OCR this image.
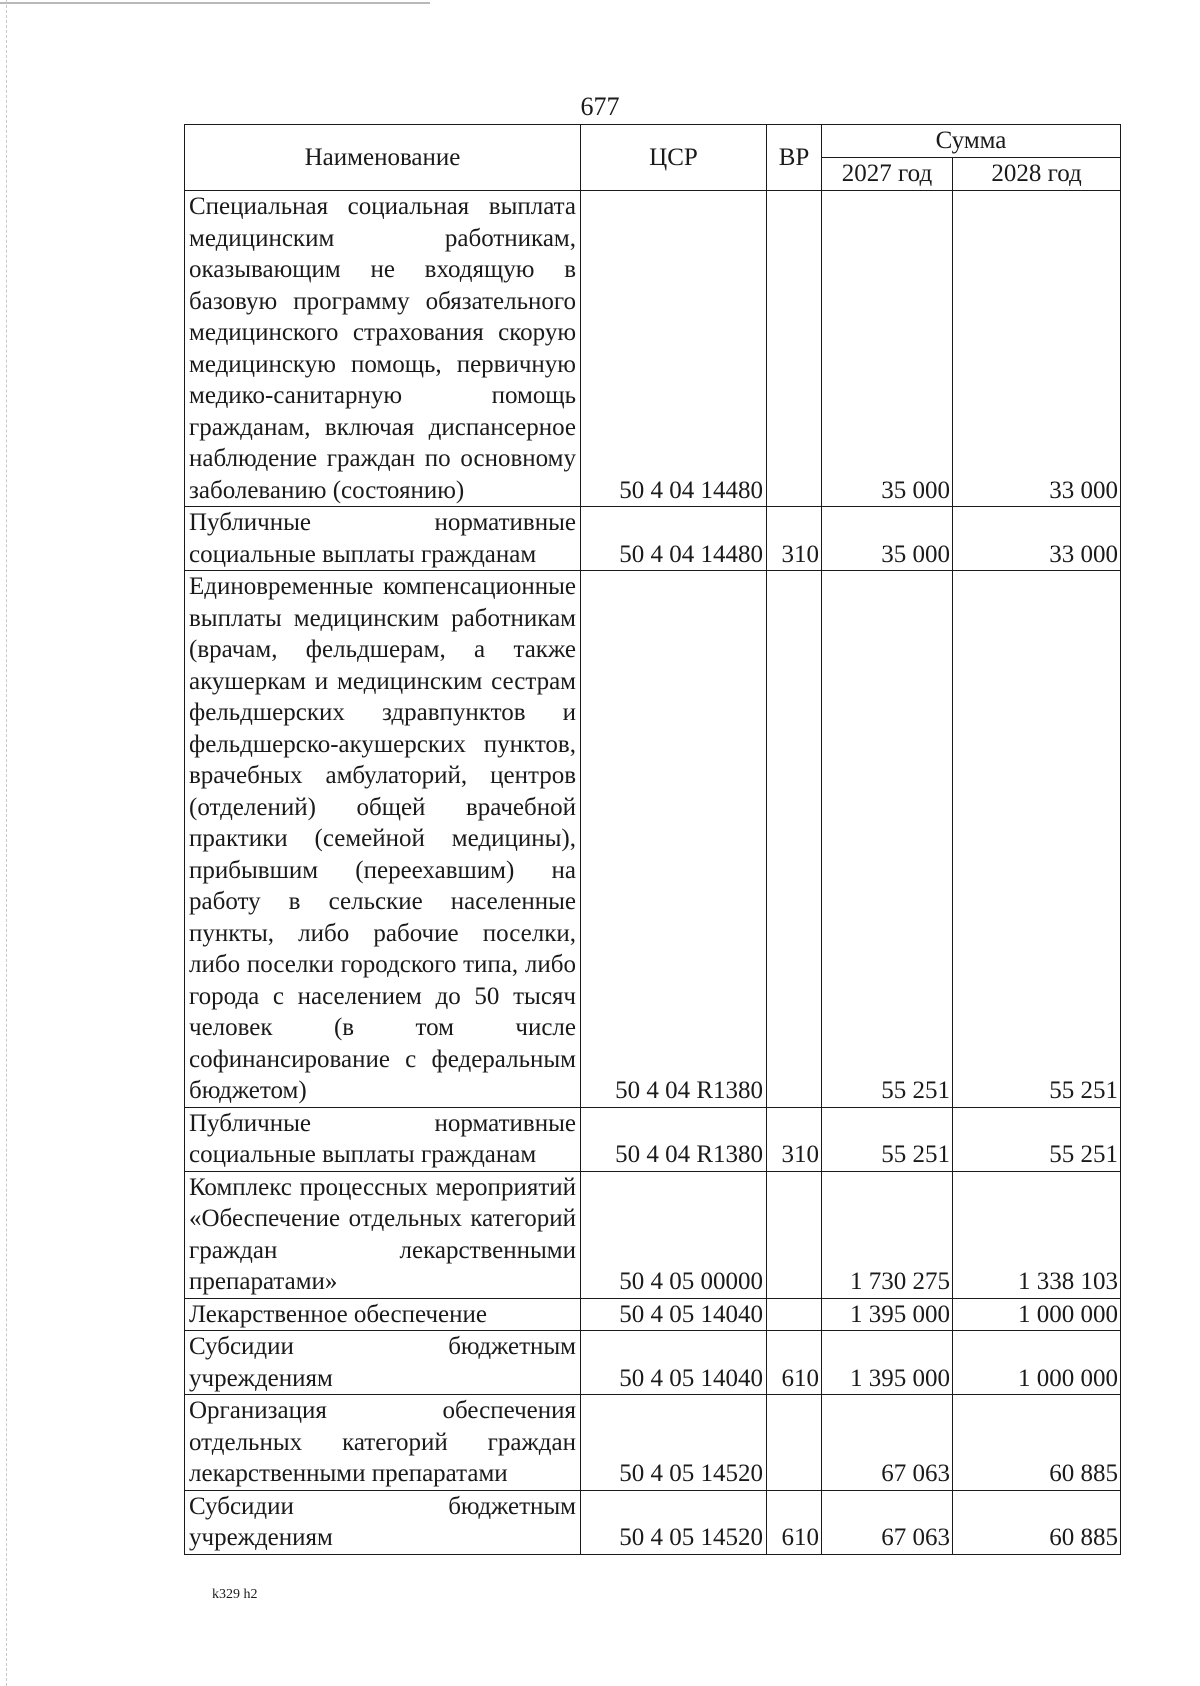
677
Наименование	ЦСР	ВР	Сумма	
			2027 год	2028 год
Специальная социальная выплата медицинским работникам, оказывающим не входящую в базовую программу обязательного медицинского страхования скорую медицинскую помощь, первичную медико-санитарную помощь гражданам, включая диспансерное наблюдение граждан по основному заболеванию (состоянию)	50 4 04 14480		35 000	33 000
Публичные нормативные социальные выплаты гражданам	50 4 04 14480	310	35 000	33 000
Единовременные компенсационные выплаты медицинским работникам (врачам, фельдшерам, а также акушеркам и медицинским сестрам фельдшерских здравпунктов и фельдшерско-акушерских пунктов, врачебных амбулаторий, центров (отделений) общей врачебной практики (семейной медицины), прибывшим (переехавшим) на работу в сельские населенные пункты, либо рабочие поселки, либо поселки городского типа, либо города с населением до 50 тысяч человек (в том числе софинансирование с федеральным бюджетом)	50 4 04 R1380		55 251	55 251
Публичные нормативные социальные выплаты гражданам	50 4 04 R1380	310	55 251	55 251
Комплекс процессных мероприятий «Обеспечение отдельных категорий граждан лекарственными препаратами»	50 4 05 00000		1 730 275	1 338 103
Лекарственное обеспечение	50 4 05 14040		1 395 000	1 000 000
Субсидии бюджетным учреждениям	50 4 05 14040	610	1 395 000	1 000 000
Организация обеспечения отдельных категорий граждан лекарственными препаратами	50 4 05 14520		67 063	60 885
Субсидии бюджетным учреждениям	50 4 05 14520	610	67 063	60 885
k329 h2
